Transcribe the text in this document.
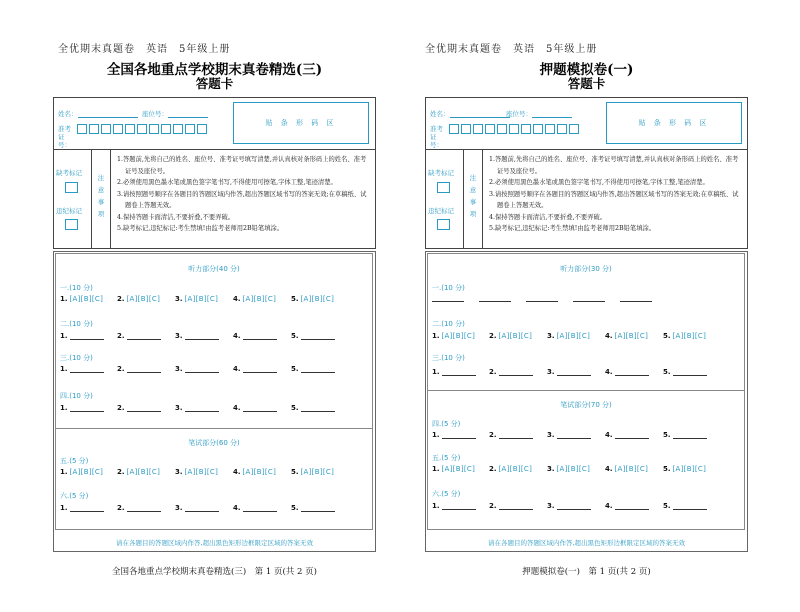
全优期末真题卷　英语　5年级上册
全国各地重点学校期末真卷精选(三)
答题卡
姓名：	座位号：
准考证号：
贴 条 形 码 区
缺考标记
违纪标记
注意事项

1.答题前,先将自己的姓名、座位号、准考证号填写清楚,并认真核对条形码上的姓名、准考证号及座位号。

2.必须使用黑色墨水笔或黑色签字笔书写,不得使用可擦笔,字体工整,笔迹清楚。

3.请按照题号顺序在各题目的答题区域内作答,超出答题区域书写的答案无效;在草稿纸、试题卷上答题无效。

4.保持答题卡面清洁,不要折叠,不要弄破。

5.缺考标记,违纪标记:考生禁填!由监考老师用2B铅笔填涂。

听力部分(40 分)
一.(10 分)
1. [A][B][C] 2. [A][B][C] 3. [A][B][C] 4. [A][B][C] 5. [A][B][C]
二.(10 分)
1.	2.	3.	4.	5.
三.(10 分)
1.	2.	3.	4.	5.
四.(10 分)
1.	2.	3.	4.	5.
笔试部分(60 分)
五.(5 分)
1. [A][B][C] 2. [A][B][C] 3. [A][B][C] 4. [A][B][C] 5. [A][B][C]
六.(5 分)
1.	2.	3.	4.	5.
请在各题目的答题区域内作答,超出黑色矩形边框限定区域的答案无效
全国各地重点学校期末真卷精选(三)　第 1 页(共 2 页)
全优期末真题卷　英语　5年级上册
押题模拟卷(一)
答题卡
姓名：	座位号：
准考证号：
贴 条 形 码 区
缺考标记
违纪标记
注意事项

1.答题前,先将自己的姓名、座位号、准考证号填写清楚,并认真核对条形码上的姓名、准考证号及座位号。

2.必须使用黑色墨水笔或黑色签字笔书写,不得使用可擦笔,字体工整,笔迹清楚。

3.请按照题号顺序在各题目的答题区域内作答,超出答题区域书写的答案无效;在草稿纸、试题卷上答题无效。

4.保持答题卡面清洁,不要折叠,不要弄破。

5.缺考标记,违纪标记:考生禁填!由监考老师用2B铅笔填涂。

听力部分(30 分)
一.(10 分)
二.(10 分)
1. [A][B][C] 2. [A][B][C] 3. [A][B][C] 4. [A][B][C] 5. [A][B][C]
三.(10 分)
1.	2.	3.	4.	5.
笔试部分(70 分)
四.(5 分)
1.	2.	3.	4.	5.
五.(5 分)
1. [A][B][C] 2. [A][B][C] 3. [A][B][C] 4. [A][B][C] 5. [A][B][C]
六.(5 分)
1.	2.	3.	4.	5.
请在各题目的答题区域内作答,超出黑色矩形边框限定区域的答案无效
押题模拟卷(一)　第 1 页(共 2 页)
